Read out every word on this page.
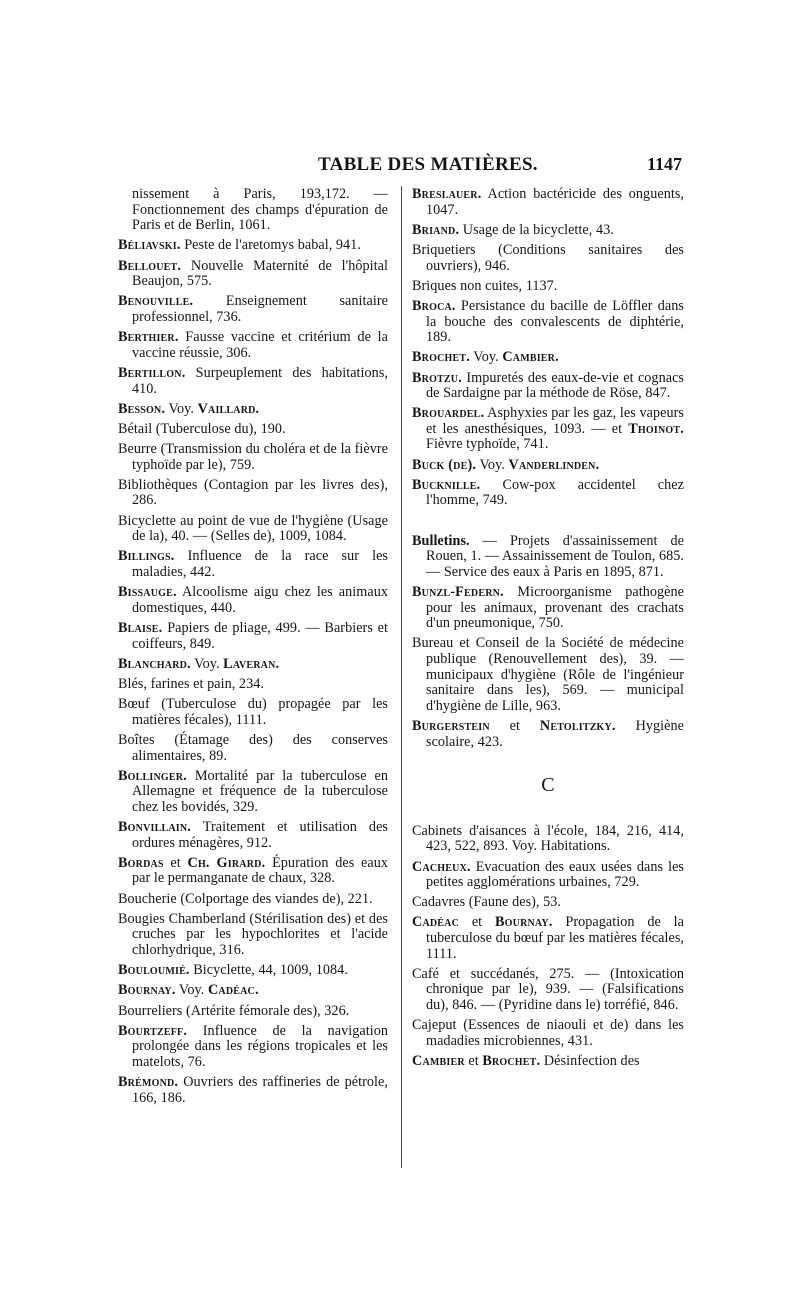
TABLE DES MATIÈRES.	1147
nissement à Paris, 193,172. — Fonctionnement des champs d'épuration de Paris et de Berlin, 1061.
Béliavski. Peste de l'aretomys babal, 941.
Bellouet. Nouvelle Maternité de l'hôpital Beaujon, 575.
Benouville. Enseignement sanitaire professionnel, 736.
Berthier. Fausse vaccine et critérium de la vaccine réussie, 306.
Bertillon. Surpeuplement des habitations, 410.
Besson. Voy. Vaillard.
Bétail (Tuberculose du), 190.
Beurre (Transmission du choléra et de la fièvre typhoïde par le), 759.
Bibliothèques (Contagion par les livres des), 286.
Bicyclette au point de vue de l'hygiène (Usage de la), 40. — (Selles de), 1009, 1084.
Billings. Influence de la race sur les maladies, 442.
Bissauge. Alcoolisme aigu chez les animaux domestiques, 440.
Blaise. Papiers de pliage, 499. — Barbiers et coiffeurs, 849.
Blanchard. Voy. Laveran.
Blés, farines et pain, 234.
Bœuf (Tuberculose du) propagée par les matières fécales), 1111.
Boîtes (Étamage des) des conserves alimentaires, 89.
Bollinger. Mortalité par la tuberculose en Allemagne et fréquence de la tuberculose chez les bovidés, 329.
Bonvillain. Traitement et utilisation des ordures ménagères, 912.
Bordas et Ch. Girard. Épuration des eaux par le permanganate de chaux, 328.
Boucherie (Colportage des viandes de), 221.
Bougies Chamberland (Stérilisation des) et des cruches par les hypochlorites et l'acide chlorhydrique, 316.
Bouloumié. Bicyclette, 44, 1009, 1084.
Bournay. Voy. Cadéac.
Bourreliers (Artérite fémorale des), 326.
Bourtzeff. Influence de la navigation prolongée dans les régions tropicales et les matelots, 76.
Brémond. Ouvriers des raffineries de pétrole, 166, 186.
Breslauer. Action bactéricide des onguents, 1047.
Briand. Usage de la bicyclette, 43.
Briquetiers (Conditions sanitaires des ouvriers), 946.
Briques non cuites, 1137.
Broca. Persistance du bacille de Löffler dans la bouche des convalescents de diphtérie, 189.
Brochet. Voy. Cambier.
Brotzu. Impuretés des eaux-de-vie et cognacs de Sardaigne par la méthode de Röse, 847.
Brouardel. Asphyxies par les gaz, les vapeurs et les anesthésiques, 1093. — et Thoinot. Fièvre typhoïde, 741.
Buck (de). Voy. Vanderlinden.
Bucknille. Cow-pox accidentel chez l'homme, 749.
Bulletins. — Projets d'assainissement de Rouen, 1. — Assainissement de Toulon, 685. — Service des eaux à Paris en 1895, 871.
Bunzl-Federn. Microorganisme pathogène pour les animaux, provenant des crachats d'un pneumonique, 750.
Bureau et Conseil de la Société de médecine publique (Renouvellement des), 39. — municipaux d'hygiène (Rôle de l'ingénieur sanitaire dans les), 569. — municipal d'hygiène de Lille, 963.
Burgerstein et Netolitzky. Hygiène scolaire, 423.
C
Cabinets d'aisances à l'école, 184, 216, 414, 423, 522, 893. Voy. Habitations.
Cacheux. Evacuation des eaux usées dans les petites agglomérations urbaines, 729.
Cadavres (Faune des), 53.
Cadéac et Bournay. Propagation de la tuberculose du bœuf par les matières fécales, 1111.
Café et succédanés, 275. — (Intoxication chronique par le), 939. — (Falsifications du), 846. — (Pyridine dans le) torréfié, 846.
Cajeput (Essences de niaouli et de) dans les madadies microbiennes, 431.
Cambier et Brochet. Désinfection des
